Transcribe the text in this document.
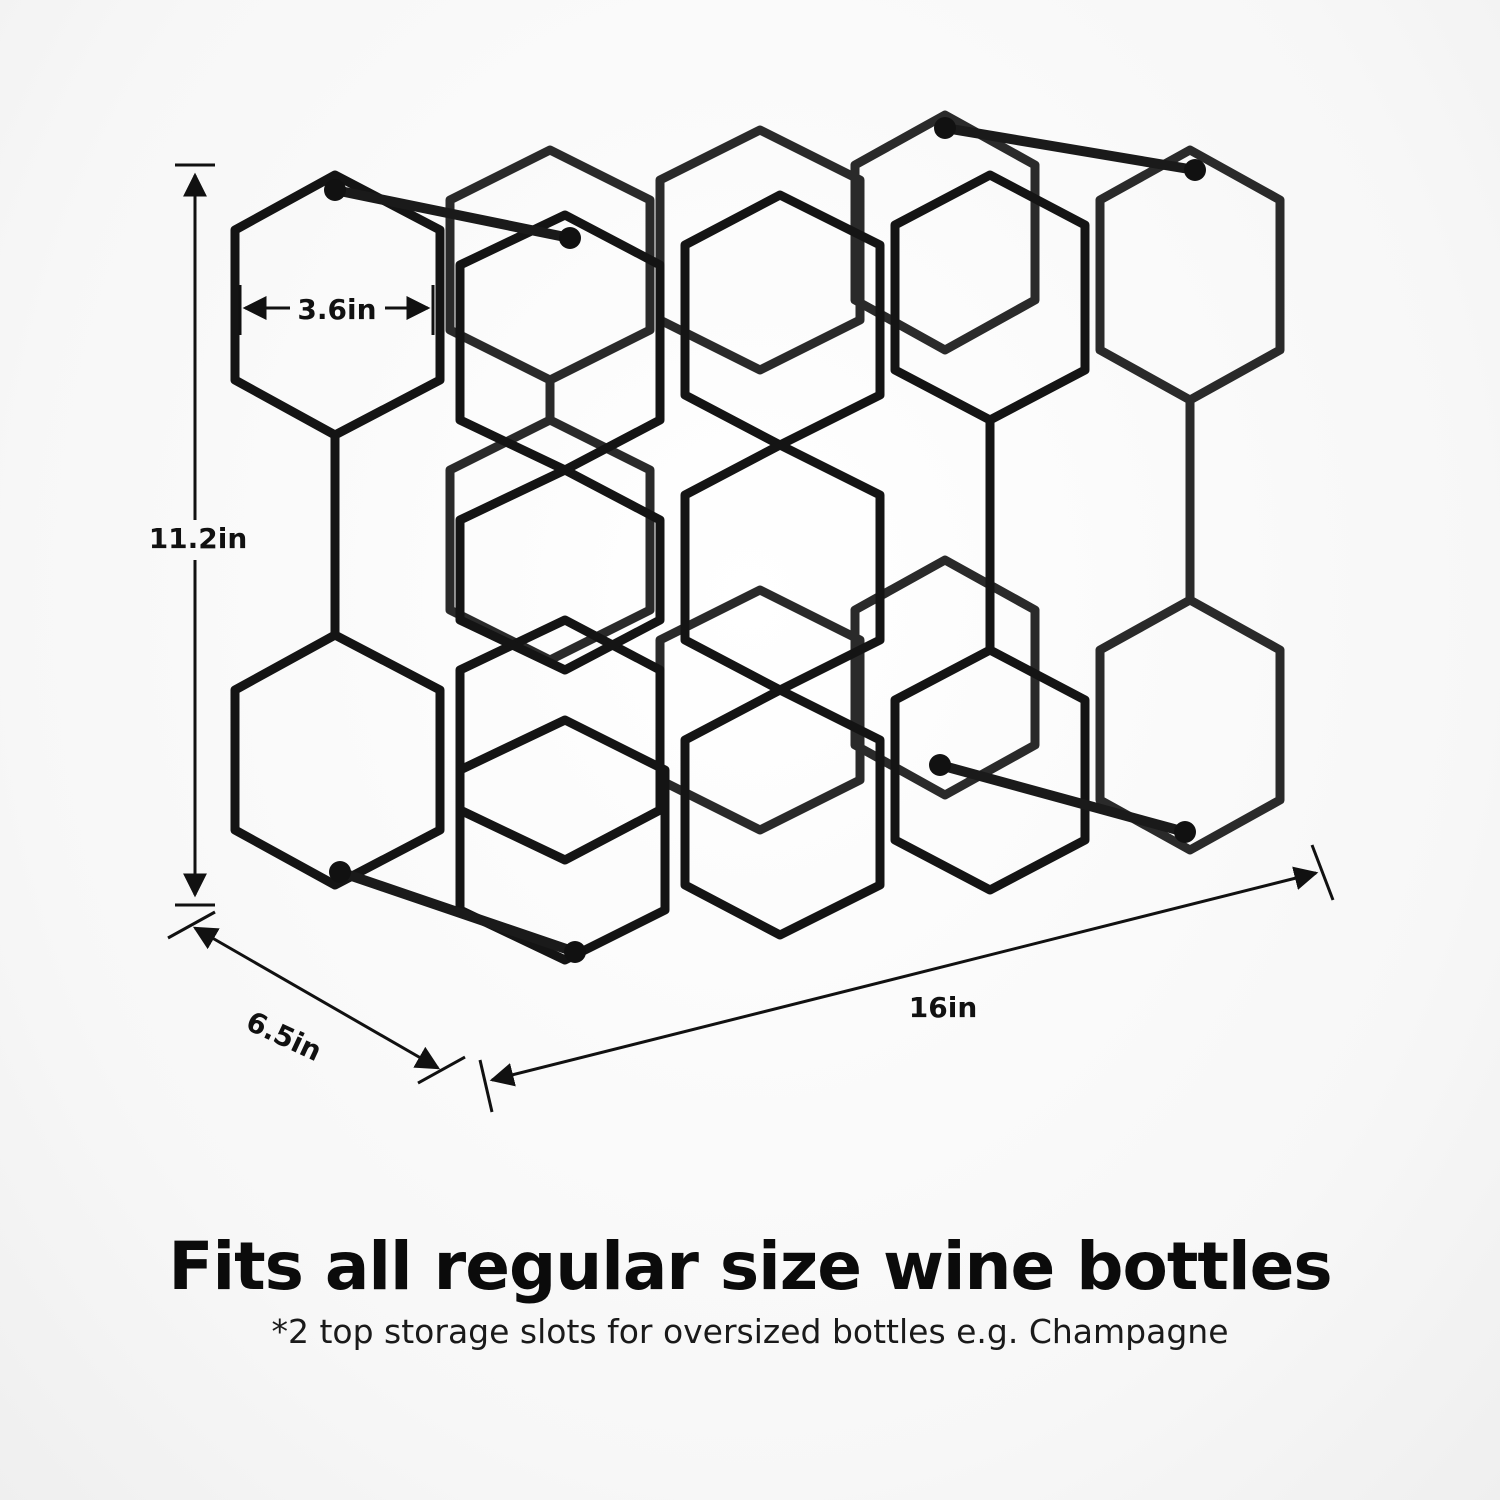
11.2in
3.6in
6.5in	16in
Fits all regular size wine bottles

*2 top storage slots for oversized bottles e.g. Champagne
